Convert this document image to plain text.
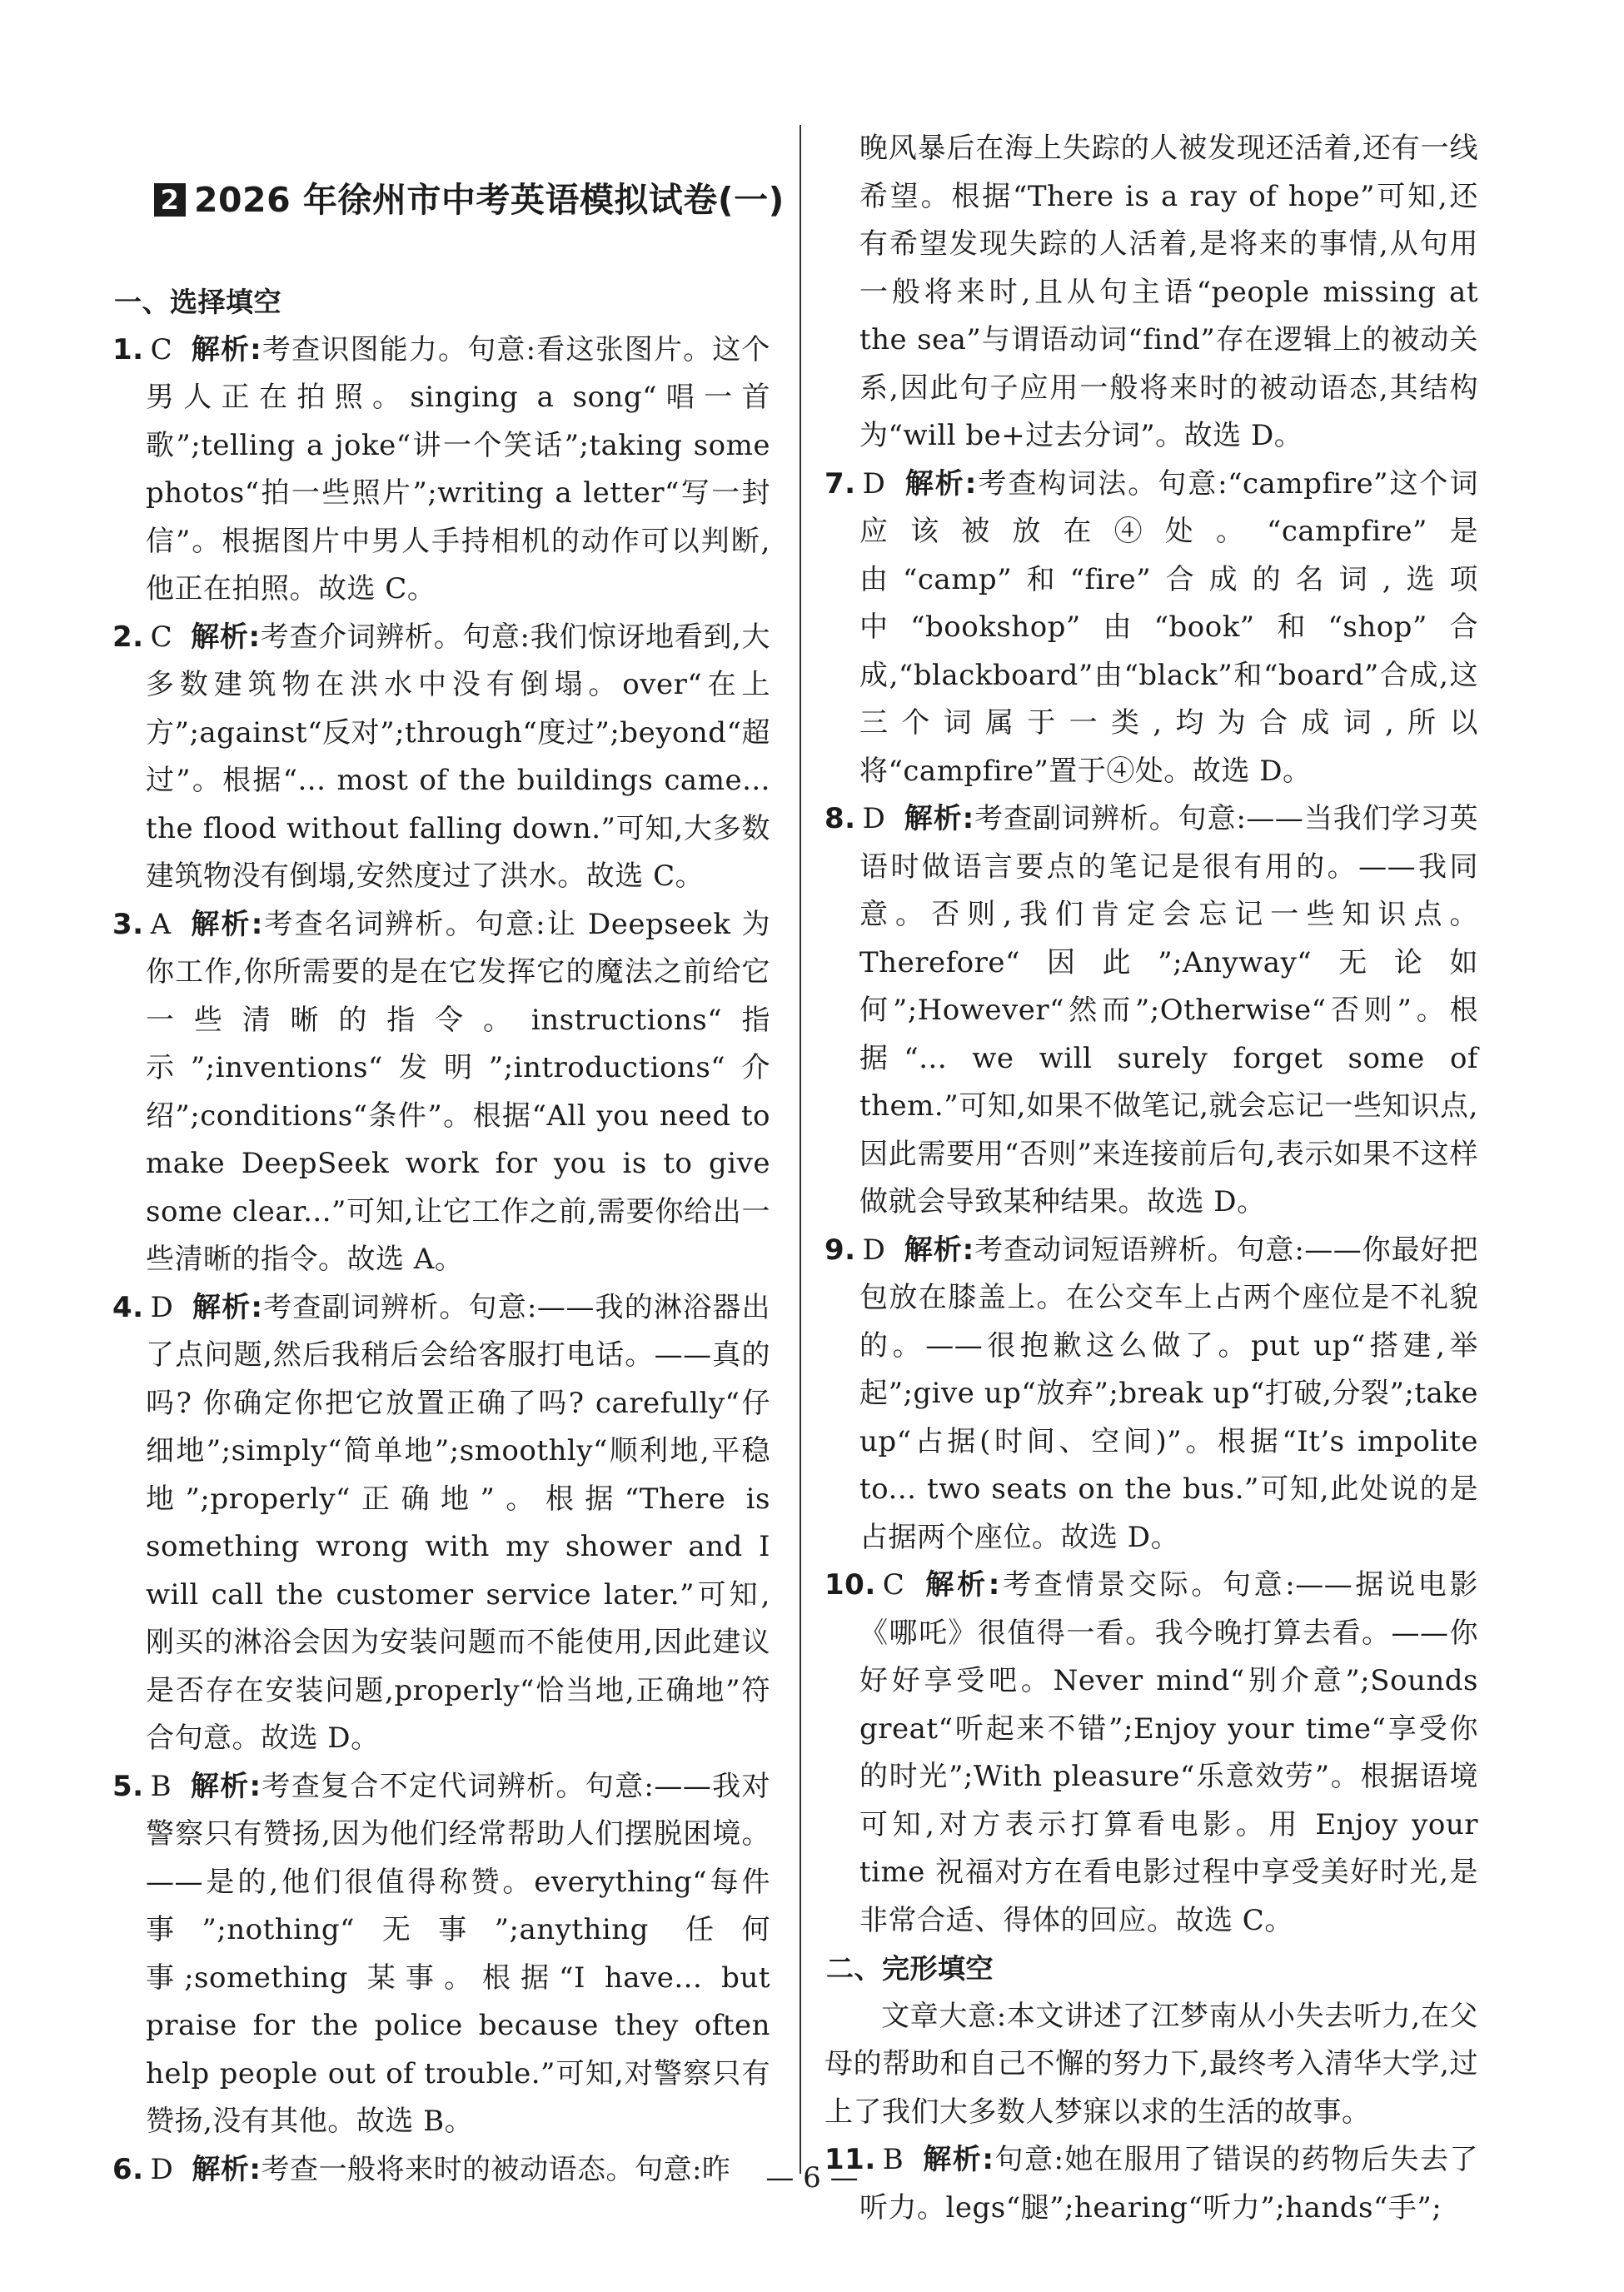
2 2026 年徐州市中考英语模拟试卷(一)
一、选择填空
1. C 解析:考查识图能力。句意:看这张图片。这个男人正在拍照。singing a song“唱一首歌”;telling a joke“讲一个笑话”;taking some photos“拍一些照片”;writing a letter“写一封信”。根据图片中男人手持相机的动作可以判断,他正在拍照。故选 C。
2. C 解析:考查介词辨析。句意:我们惊讶地看到,大多数建筑物在洪水中没有倒塌。over“在上方”;against“反对”;through“度过”;beyond“超过”。根据“... most of the buildings came... the flood without falling down.”可知,大多数建筑物没有倒塌,安然度过了洪水。故选 C。
3. A 解析:考查名词辨析。句意:让 Deepseek 为你工作,你所需要的是在它发挥它的魔法之前给它一些清晰的指令。instructions“指示”;inventions“发明”;introductions“介绍”;conditions“条件”。根据“All you need to make DeepSeek work for you is to give some clear...”可知,让它工作之前,需要你给出一些清晰的指令。故选 A。
4. D 解析:考查副词辨析。句意:——我的淋浴器出了点问题,然后我稍后会给客服打电话。——真的吗? 你确定你把它放置正确了吗? carefully“仔细地”;simply“简单地”;smoothly“顺利地,平稳地”;properly“正确地”。根据“There is something wrong with my shower and I will call the customer service later.”可知,刚买的淋浴会因为安装问题而不能使用,因此建议是否存在安装问题,properly“恰当地,正确地”符合句意。故选 D。
5. B 解析:考查复合不定代词辨析。句意:——我对警察只有赞扬,因为他们经常帮助人们摆脱困境。——是的,他们很值得称赞。everything“每件事”;nothing“无事”;anything 任何事;something 某事。根据“I have... but praise for the police because they often help people out of trouble.”可知,对警察只有赞扬,没有其他。故选 B。
6. D 解析:考查一般将来时的被动语态。句意:昨
晚风暴后在海上失踪的人被发现还活着,还有一线希望。根据“There is a ray of hope”可知,还有希望发现失踪的人活着,是将来的事情,从句用一般将来时,且从句主语“people missing at the sea”与谓语动词“find”存在逻辑上的被动关系,因此句子应用一般将来时的被动语态,其结构为“will be+过去分词”。故选 D。
7. D 解析:考查构词法。句意:“campfire”这个词应该被放在④处。“campfire”是由“camp”和“fire”合成的名词,选项中“bookshop”由“book”和“shop”合成,“blackboard”由“black”和“board”合成,这三个词属于一类,均为合成词,所以将“campfire”置于④处。故选 D。
8. D 解析:考查副词辨析。句意:——当我们学习英语时做语言要点的笔记是很有用的。——我同意。否则,我们肯定会忘记一些知识点。Therefore“因此”;Anyway“无论如何”;However“然而”;Otherwise“否则”。根据“... we will surely forget some of them.”可知,如果不做笔记,就会忘记一些知识点,因此需要用“否则”来连接前后句,表示如果不这样做就会导致某种结果。故选 D。
9. D 解析:考查动词短语辨析。句意:——你最好把包放在膝盖上。在公交车上占两个座位是不礼貌的。——很抱歉这么做了。put up“搭建,举起”;give up“放弃”;break up“打破,分裂”;take up“占据(时间、空间)”。根据“It’s impolite to... two seats on the bus.”可知,此处说的是占据两个座位。故选 D。
10. C 解析:考查情景交际。句意:——据说电影《哪吒》很值得一看。我今晚打算去看。——你好好享受吧。Never mind“别介意”;Sounds great“听起来不错”;Enjoy your time“享受你的时光”;With pleasure“乐意效劳”。根据语境可知,对方表示打算看电影。用 Enjoy your time 祝福对方在看电影过程中享受美好时光,是非常合适、得体的回应。故选 C。
二、完形填空
文章大意:本文讲述了江梦南从小失去听力,在父母的帮助和自己不懈的努力下,最终考入清华大学,过上了我们大多数人梦寐以求的生活的故事。
11. B 解析:句意:她在服用了错误的药物后失去了听力。legs“腿”;hearing“听力”;hands“手”;
— 6 —
